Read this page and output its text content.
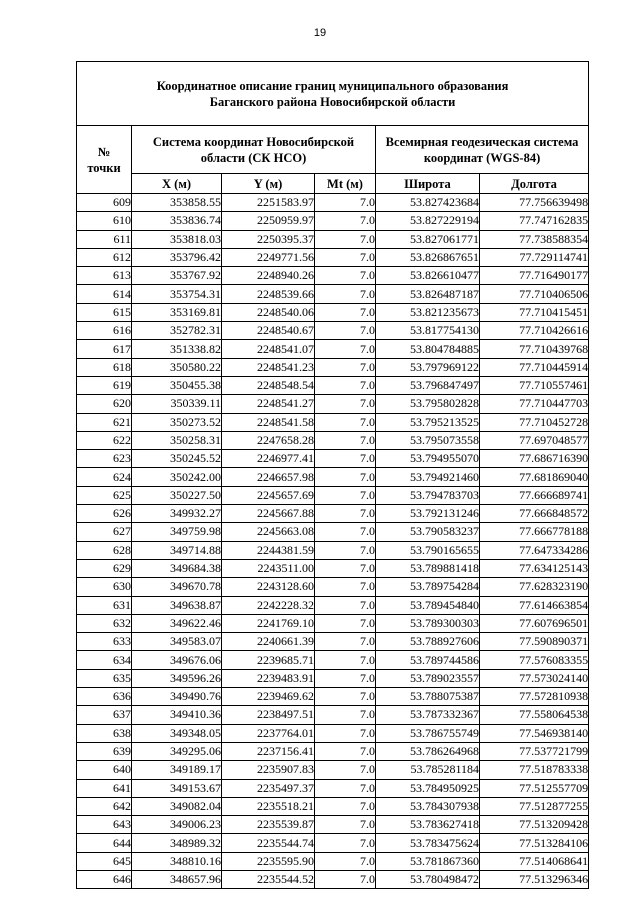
19
Координатное описание границ муниципального образования
Баганского района Новосибирской области					

№
точки	Система координат Новосибирской области (СК НСО)			Всемирная геодезическая система координат (WGS-84)	
	X (м)	Y (м)	Mt (м)	Широта	Долгота
609	353858.55	2251583.97	7.0	53.827423684	77.756639498
610	353836.74	2250959.97	7.0	53.827229194	77.747162835
611	353818.03	2250395.37	7.0	53.827061771	77.738588354
612	353796.42	2249771.56	7.0	53.826867651	77.729114741
613	353767.92	2248940.26	7.0	53.826610477	77.716490177
614	353754.31	2248539.66	7.0	53.826487187	77.710406506
615	353169.81	2248540.06	7.0	53.821235673	77.710415451
616	352782.31	2248540.67	7.0	53.817754130	77.710426616
617	351338.82	2248541.07	7.0	53.804784885	77.710439768
618	350580.22	2248541.23	7.0	53.797969122	77.710445914
619	350455.38	2248548.54	7.0	53.796847497	77.710557461
620	350339.11	2248541.27	7.0	53.795802828	77.710447703
621	350273.52	2248541.58	7.0	53.795213525	77.710452728
622	350258.31	2247658.28	7.0	53.795073558	77.697048577
623	350245.52	2246977.41	7.0	53.794955070	77.686716390
624	350242.00	2246657.98	7.0	53.794921460	77.681869040
625	350227.50	2245657.69	7.0	53.794783703	77.666689741
626	349932.27	2245667.88	7.0	53.792131246	77.666848572
627	349759.98	2245663.08	7.0	53.790583237	77.666778188
628	349714.88	2244381.59	7.0	53.790165655	77.647334286
629	349684.38	2243511.00	7.0	53.789881418	77.634125143
630	349670.78	2243128.60	7.0	53.789754284	77.628323190
631	349638.87	2242228.32	7.0	53.789454840	77.614663854
632	349622.46	2241769.10	7.0	53.789300303	77.607696501
633	349583.07	2240661.39	7.0	53.788927606	77.590890371
634	349676.06	2239685.71	7.0	53.789744586	77.576083355
635	349596.26	2239483.91	7.0	53.789023557	77.573024140
636	349490.76	2239469.62	7.0	53.788075387	77.572810938
637	349410.36	2238497.51	7.0	53.787332367	77.558064538
638	349348.05	2237764.01	7.0	53.786755749	77.546938140
639	349295.06	2237156.41	7.0	53.786264968	77.537721799
640	349189.17	2235907.83	7.0	53.785281184	77.518783338
641	349153.67	2235497.37	7.0	53.784950925	77.512557709
642	349082.04	2235518.21	7.0	53.784307938	77.512877255
643	349006.23	2235539.87	7.0	53.783627418	77.513209428
644	348989.32	2235544.74	7.0	53.783475624	77.513284106
645	348810.16	2235595.90	7.0	53.781867360	77.514068641
646	348657.96	2235544.52	7.0	53.780498472	77.513296346
